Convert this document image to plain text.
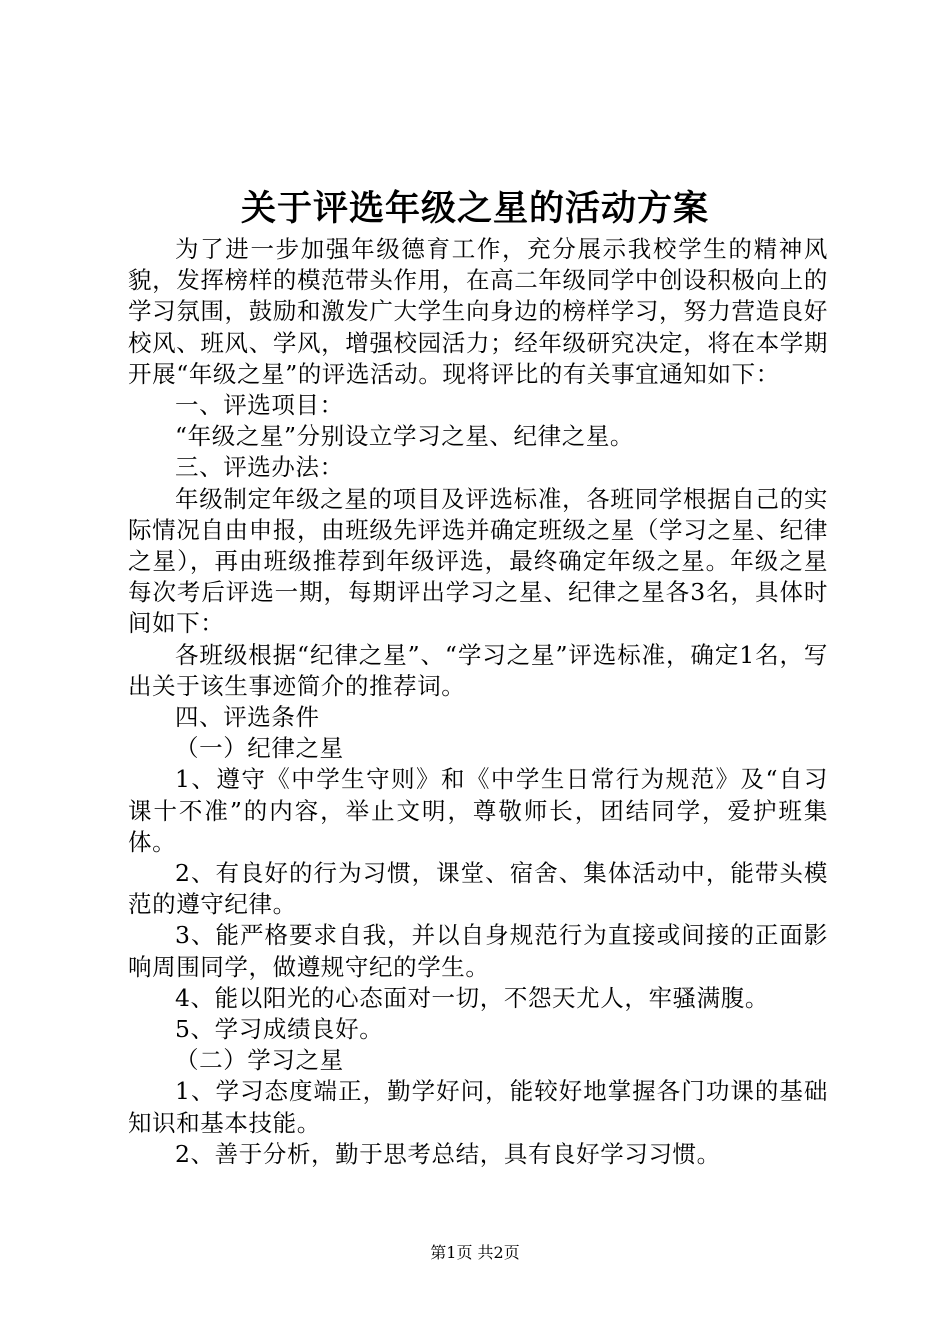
关于评选年级之星的活动方案

为了进一步加强年级德育工作，充分展示我校学生的精神风貌，发挥榜样的模范带头作用，在高二年级同学中创设积极向上的学习氛围，鼓励和激发广大学生向身边的榜样学习，努力营造良好校风、班风、学风，增强校园活力；经年级研究决定，将在本学期开展“年级之星”的评选活动。现将评比的有关事宜通知如下：

一、评选项目：

“年级之星”分别设立学习之星、纪律之星。

三、评选办法：

年级制定年级之星的项目及评选标准，各班同学根据自己的实际情况自由申报，由班级先评选并确定班级之星（学习之星、纪律之星），再由班级推荐到年级评选，最终确定年级之星。年级之星每次考后评选一期，每期评出学习之星、纪律之星各3名，具体时间如下：

各班级根据“纪律之星”、“学习之星”评选标准，确定1名，写出关于该生事迹简介的推荐词。

四、评选条件

（一）纪律之星

1、遵守《中学生守则》和《中学生日常行为规范》及“自习课十不准”的内容，举止文明，尊敬师长，团结同学，爱护班集体。

2、有良好的行为习惯，课堂、宿舍、集体活动中，能带头模范的遵守纪律。

3、能严格要求自我，并以自身规范行为直接或间接的正面影响周围同学，做遵规守纪的学生。

4、能以阳光的心态面对一切，不怨天尤人，牢骚满腹。

5、学习成绩良好。

（二）学习之星

1、学习态度端正，勤学好问，能较好地掌握各门功课的基础知识和基本技能。

2、善于分析，勤于思考总结，具有良好学习习惯。

第1页 共2页
